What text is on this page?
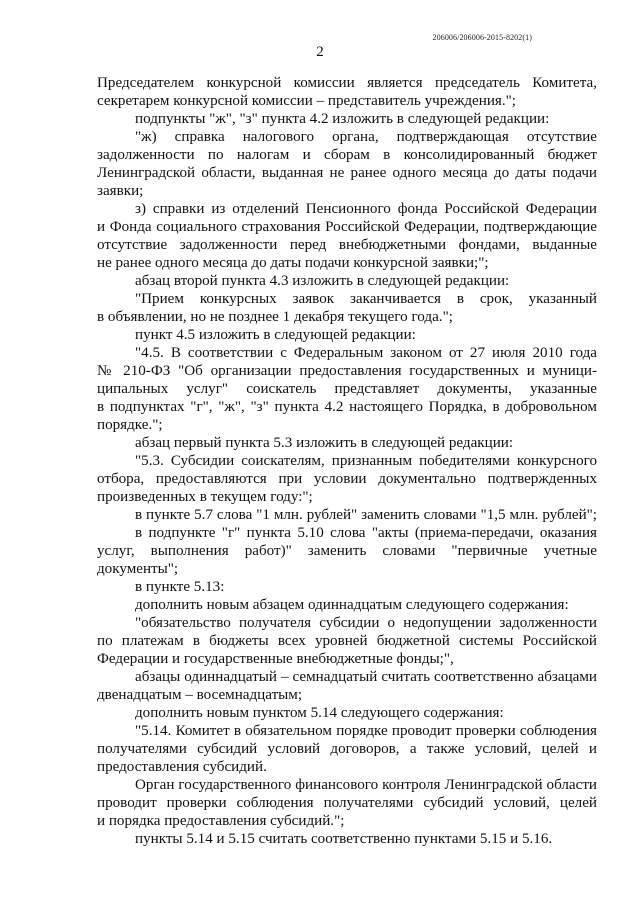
206006/206006-2015-8202(1)
2
Председателем конкурсной комиссии является председатель Комитета,
секретарем конкурсной комиссии – представитель учреждения.";
подпункты "ж", "з" пункта 4.2 изложить в следующей редакции:
"ж) справка налогового органа, подтверждающая отсутствие
задолженности по налогам и сборам в консолидированный бюджет
Ленинградской области, выданная не ранее одного месяца до даты подачи
заявки;
з) справки из отделений Пенсионного фонда Российской Федерации
и Фонда социального страхования Российской Федерации, подтверждающие
отсутствие задолженности перед внебюджетными фондами, выданные
не ранее одного месяца до даты подачи конкурсной заявки;";
абзац второй пункта 4.3 изложить в следующей редакции:
"Прием конкурсных заявок заканчивается в срок, указанный
в объявлении, но не позднее 1 декабря текущего года.";
пункт 4.5 изложить в следующей редакции:
"4.5. В соответствии с Федеральным законом от 27 июля 2010 года
№ 210-ФЗ "Об организации предоставления государственных и муници-
ципальных услуг" соискатель представляет документы, указанные
в подпунктах "г", "ж", "з" пункта 4.2 настоящего Порядка, в добровольном
порядке.";
абзац первый пункта 5.3 изложить в следующей редакции:
"5.3. Субсидии соискателям, признанным победителями конкурсного
отбора, предоставляются при условии документально подтвержденных
произведенных в текущем году:";
в пункте 5.7 слова "1 млн. рублей" заменить словами "1,5 млн. рублей";
в подпункте "г" пункта 5.10 слова "акты (приема-передачи, оказания
услуг, выполнения работ)" заменить словами "первичные учетные
документы";
в пункте 5.13:
дополнить новым абзацем одиннадцатым следующего содержания:
"обязательство получателя субсидии о недопущении задолженности
по платежам в бюджеты всех уровней бюджетной системы Российской
Федерации и государственные внебюджетные фонды;",
абзацы одиннадцатый – семнадцатый считать соответственно абзацами
двенадцатым – восемнадцатым;
дополнить новым пунктом 5.14 следующего содержания:
"5.14. Комитет в обязательном порядке проводит проверки соблюдения
получателями субсидий условий договоров, а также условий, целей и
предоставления субсидий.
Орган государственного финансового контроля Ленинградской области
проводит проверки соблюдения получателями субсидий условий, целей
и порядка предоставления субсидий.";
пункты 5.14 и 5.15 считать соответственно пунктами 5.15 и 5.16.
